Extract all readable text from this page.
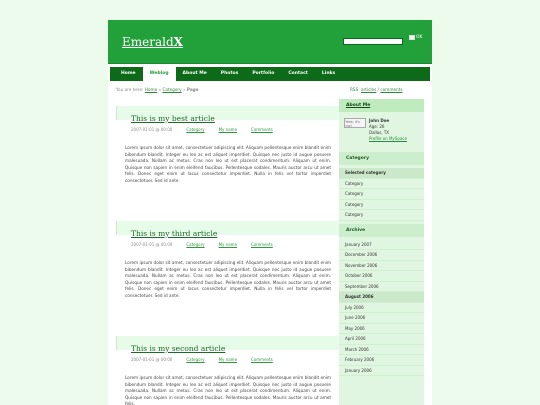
EmeraldX	OK
Home	Weblog	About Me	Photos	Portfolio	Contact	Links
You are here: Home » Category » Page	RSS: articles / comments
This is my best article
2007-01-01 @ 00:00	Category	My name	Comments

Lorem ipsum dolor sit amet, consectetuer adipiscing elit. Aliquam pellentesque enim blandit enim bibendum blandit. Integer eu leo ac est aliquet imperdiet. Quisque nec justo id augue posuere malesuada. Nullam ac metus. Cras non leo ut est placerat condimentum. Aliquam ut enim. Quisque non sapien in enim eleifend faucibus. Pellentesque sodales. Mauris auctor arcu ut amet felis. Donec eget enim ut lacus consectetur imperdiet. Nulla in felis vel tortor imperdiet consectetuer. Sed id ante.

This is my third article
2007-01-01 @ 00:00	Category	My name	Comments

Lorem ipsum dolor sit amet, consectetuer adipiscing elit. Aliquam pellentesque enim blandit enim bibendum blandit. Integer eu leo ac est aliquet imperdiet. Quisque nec justo id augue posuere malesuada. Nullam ac metus. Cras non leo ut est placerat condimentum. Aliquam ut enim. Quisque non sapien in enim eleifend faucibus. Pellentesque sodales. Mauris auctor arcu ut amet felis. Donec eget enim ut lacus consectetur imperdiet. Nulla in felis vel tortor imperdiet consectetuer. Sed id ante.

This is my second article
2007-01-01 @ 00:00	Category	My name	Comments

Lorem ipsum dolor sit amet, consectetuer adipiscing elit. Aliquam pellentesque enim blandit enim bibendum blandit. Integer eu leo ac est aliquet imperdiet. Quisque nec justo id augue posuere malesuada. Nullam ac metus. Cras non leo ut est placerat condimentum. Aliquam ut enim. Quisque non sapien in enim eleifend faucibus. Pellentesque sodales. Mauris auctor arcu ut amet felis.

About Me
Yeah, it's me!
John Doe
Age: 26
Dallas, TX
Profile on MySpace
Category
Selected category
Category
Category
Category
Category
Archive
January 2007
December 2006
November 2006
October 2006
September 2006
August 2006
July 2006
June 2006
May 2006
April 2006
March 2006
February 2006
January 2006
